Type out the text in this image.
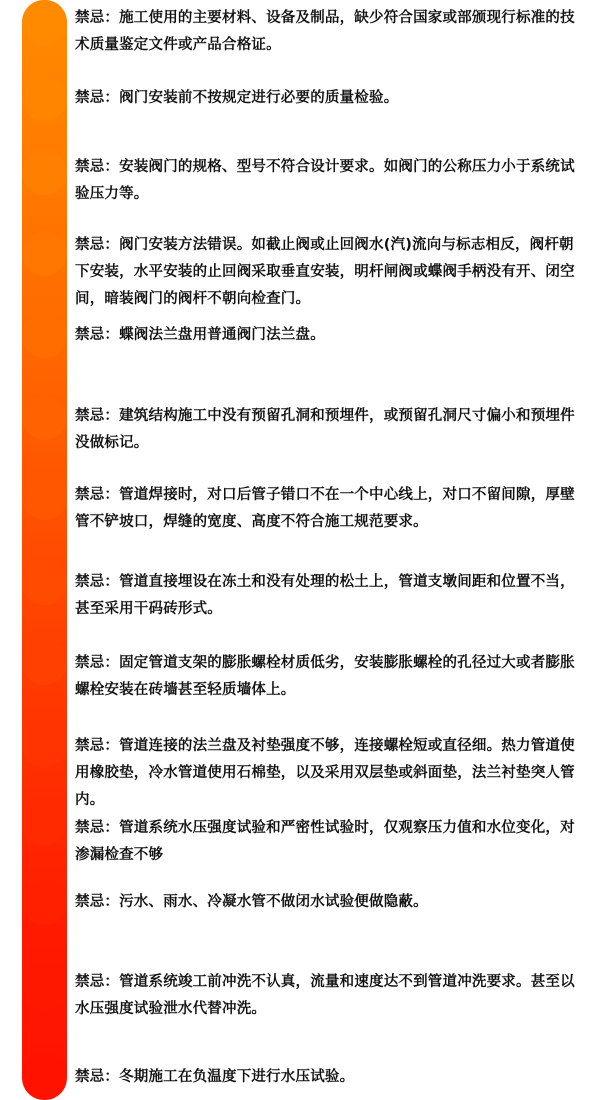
禁忌：施工使用的主要材料、设备及制品，缺少符合国家或部颁现行标准的技术质量鉴定文件或产品合格证。
禁忌：阀门安装前不按规定进行必要的质量检验。
禁忌：安装阀门的规格、型号不符合设计要求。如阀门的公称压力小于系统试验压力等。
禁忌：阀门安装方法错误。如截止阀或止回阀水(汽)流向与标志相反，阀杆朝下安装，水平安装的止回阀采取垂直安装，明杆闸阀或蝶阀手柄没有开、闭空间，暗装阀门的阀杆不朝向检查门。
禁忌：蝶阀法兰盘用普通阀门法兰盘。
禁忌：建筑结构施工中没有预留孔洞和预埋件，或预留孔洞尺寸偏小和预埋件没做标记。
禁忌：管道焊接时，对口后管子错口不在一个中心线上，对口不留间隙，厚壁管不铲坡口，焊缝的宽度、高度不符合施工规范要求。
禁忌：管道直接埋设在冻土和没有处理的松土上，管道支墩间距和位置不当，甚至采用干码砖形式。
禁忌：固定管道支架的膨胀螺栓材质低劣，安装膨胀螺栓的孔径过大或者膨胀螺栓安装在砖墙甚至轻质墙体上。
禁忌：管道连接的法兰盘及衬垫强度不够，连接螺栓短或直径细。热力管道使用橡胶垫，冷水管道使用石棉垫，以及采用双层垫或斜面垫，法兰衬垫突人管内。
禁忌：管道系统水压强度试验和严密性试验时，仅观察压力值和水位变化，对渗漏检查不够
禁忌：污水、雨水、冷凝水管不做闭水试验便做隐蔽。
禁忌：管道系统竣工前冲洗不认真，流量和速度达不到管道冲洗要求。甚至以水压强度试验泄水代替冲洗。
禁忌：冬期施工在负温度下进行水压试验。
